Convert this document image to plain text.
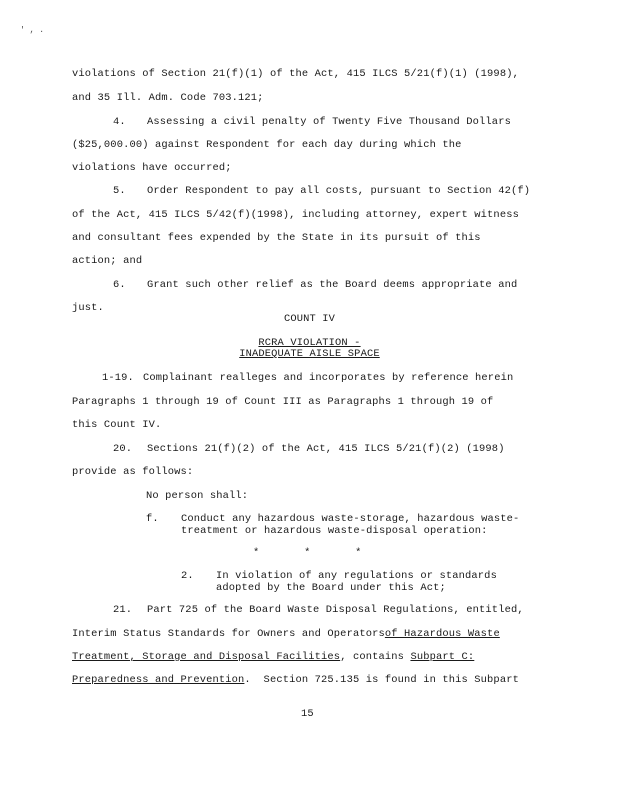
' , .
violations of Section 21(f)(1) of the Act, 415 ILCS 5/21(f)(1) (1998),
and 35 Ill. Adm. Code 703.121;
4. Assessing a civil penalty of Twenty Five Thousand Dollars
($25,000.00) against Respondent for each day during which the
violations have occurred;
5. Order Respondent to pay all costs, pursuant to Section 42(f)
of the Act, 415 ILCS 5/42(f)(1998), including attorney, expert witness
and consultant fees expended by the State in its pursuit of this
action; and
6. Grant such other relief as the Board deems appropriate and
just.
COUNT IV
RCRA VIOLATION -
INADEQUATE AISLE SPACE
1-19. Complainant realleges and incorporates by reference herein
Paragraphs 1 through 19 of Count III as Paragraphs 1 through 19 of
this Count IV.
20. Sections 21(f)(2) of the Act, 415 ILCS 5/21(f)(2) (1998)
provide as follows:
No person shall:
f. Conduct any hazardous waste-storage, hazardous waste-
treatment or hazardous waste-disposal operation:
*       *       *
2. In violation of any regulations or standards
adopted by the Board under this Act;
21. Part 725 of the Board Waste Disposal Regulations, entitled,
Interim Status Standards for Owners and Operatorsof Hazardous Waste
Treatment, Storage and Disposal Facilities, contains Subpart C:
Preparedness and Prevention.  Section 725.135 is found in this Subpart
15
